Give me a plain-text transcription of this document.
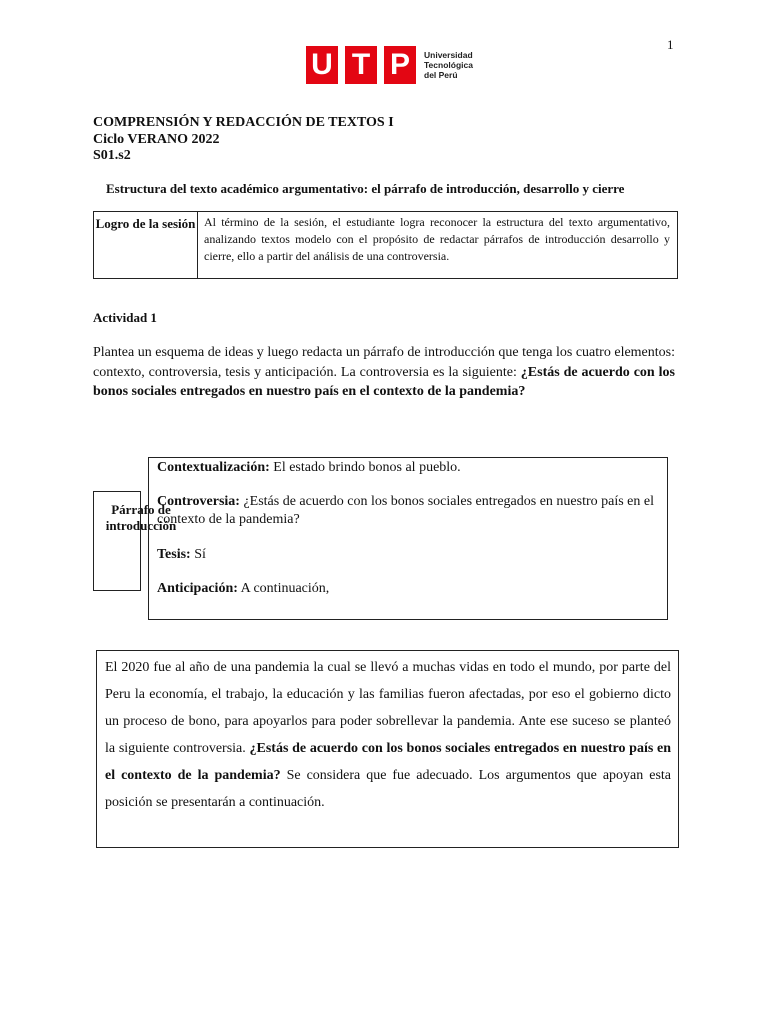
1
U T P	Universidad
Tecnológica
del Perú
COMPRENSIÓN Y REDACCIÓN DE TEXTOS I
Ciclo VERANO 2022
S01.s2
Estructura del texto académico argumentativo: el párrafo de introducción, desarrollo y cierre
Logro de la sesión Al término de la sesión, el estudiante logra reconocer la estructura del texto argumentativo, analizando textos modelo con el propósito de redactar párrafos de introducción desarrollo y cierre, ello a partir del análisis de una controversia.
Actividad 1
Plantea un esquema de ideas y luego redacta un párrafo de introducción que tenga los cuatro elementos: contexto, controversia, tesis y anticipación. La controversia es la siguiente: ¿Estás de acuerdo con los bonos sociales entregados en nuestro país en el contexto de la pandemia?
Párrafo de introducción
Contextualización: El estado brindo bonos al pueblo.
Controversia: ¿Estás de acuerdo con los bonos sociales entregados en nuestro país en el contexto de la pandemia?
Tesis: Sí
Anticipación: A continuación,
El 2020 fue al año de una pandemia la cual se llevó a muchas vidas en todo el mundo, por parte del Peru la economía, el trabajo, la educación y las familias fueron afectadas, por eso el gobierno dicto un proceso de bono, para apoyarlos para poder sobrellevar la pandemia. Ante ese suceso se planteó la siguiente controversia. ¿Estás de acuerdo con los bonos sociales entregados en nuestro país en el contexto de la pandemia? Se considera que fue adecuado. Los argumentos que apoyan esta posición se presentarán a continuación.
